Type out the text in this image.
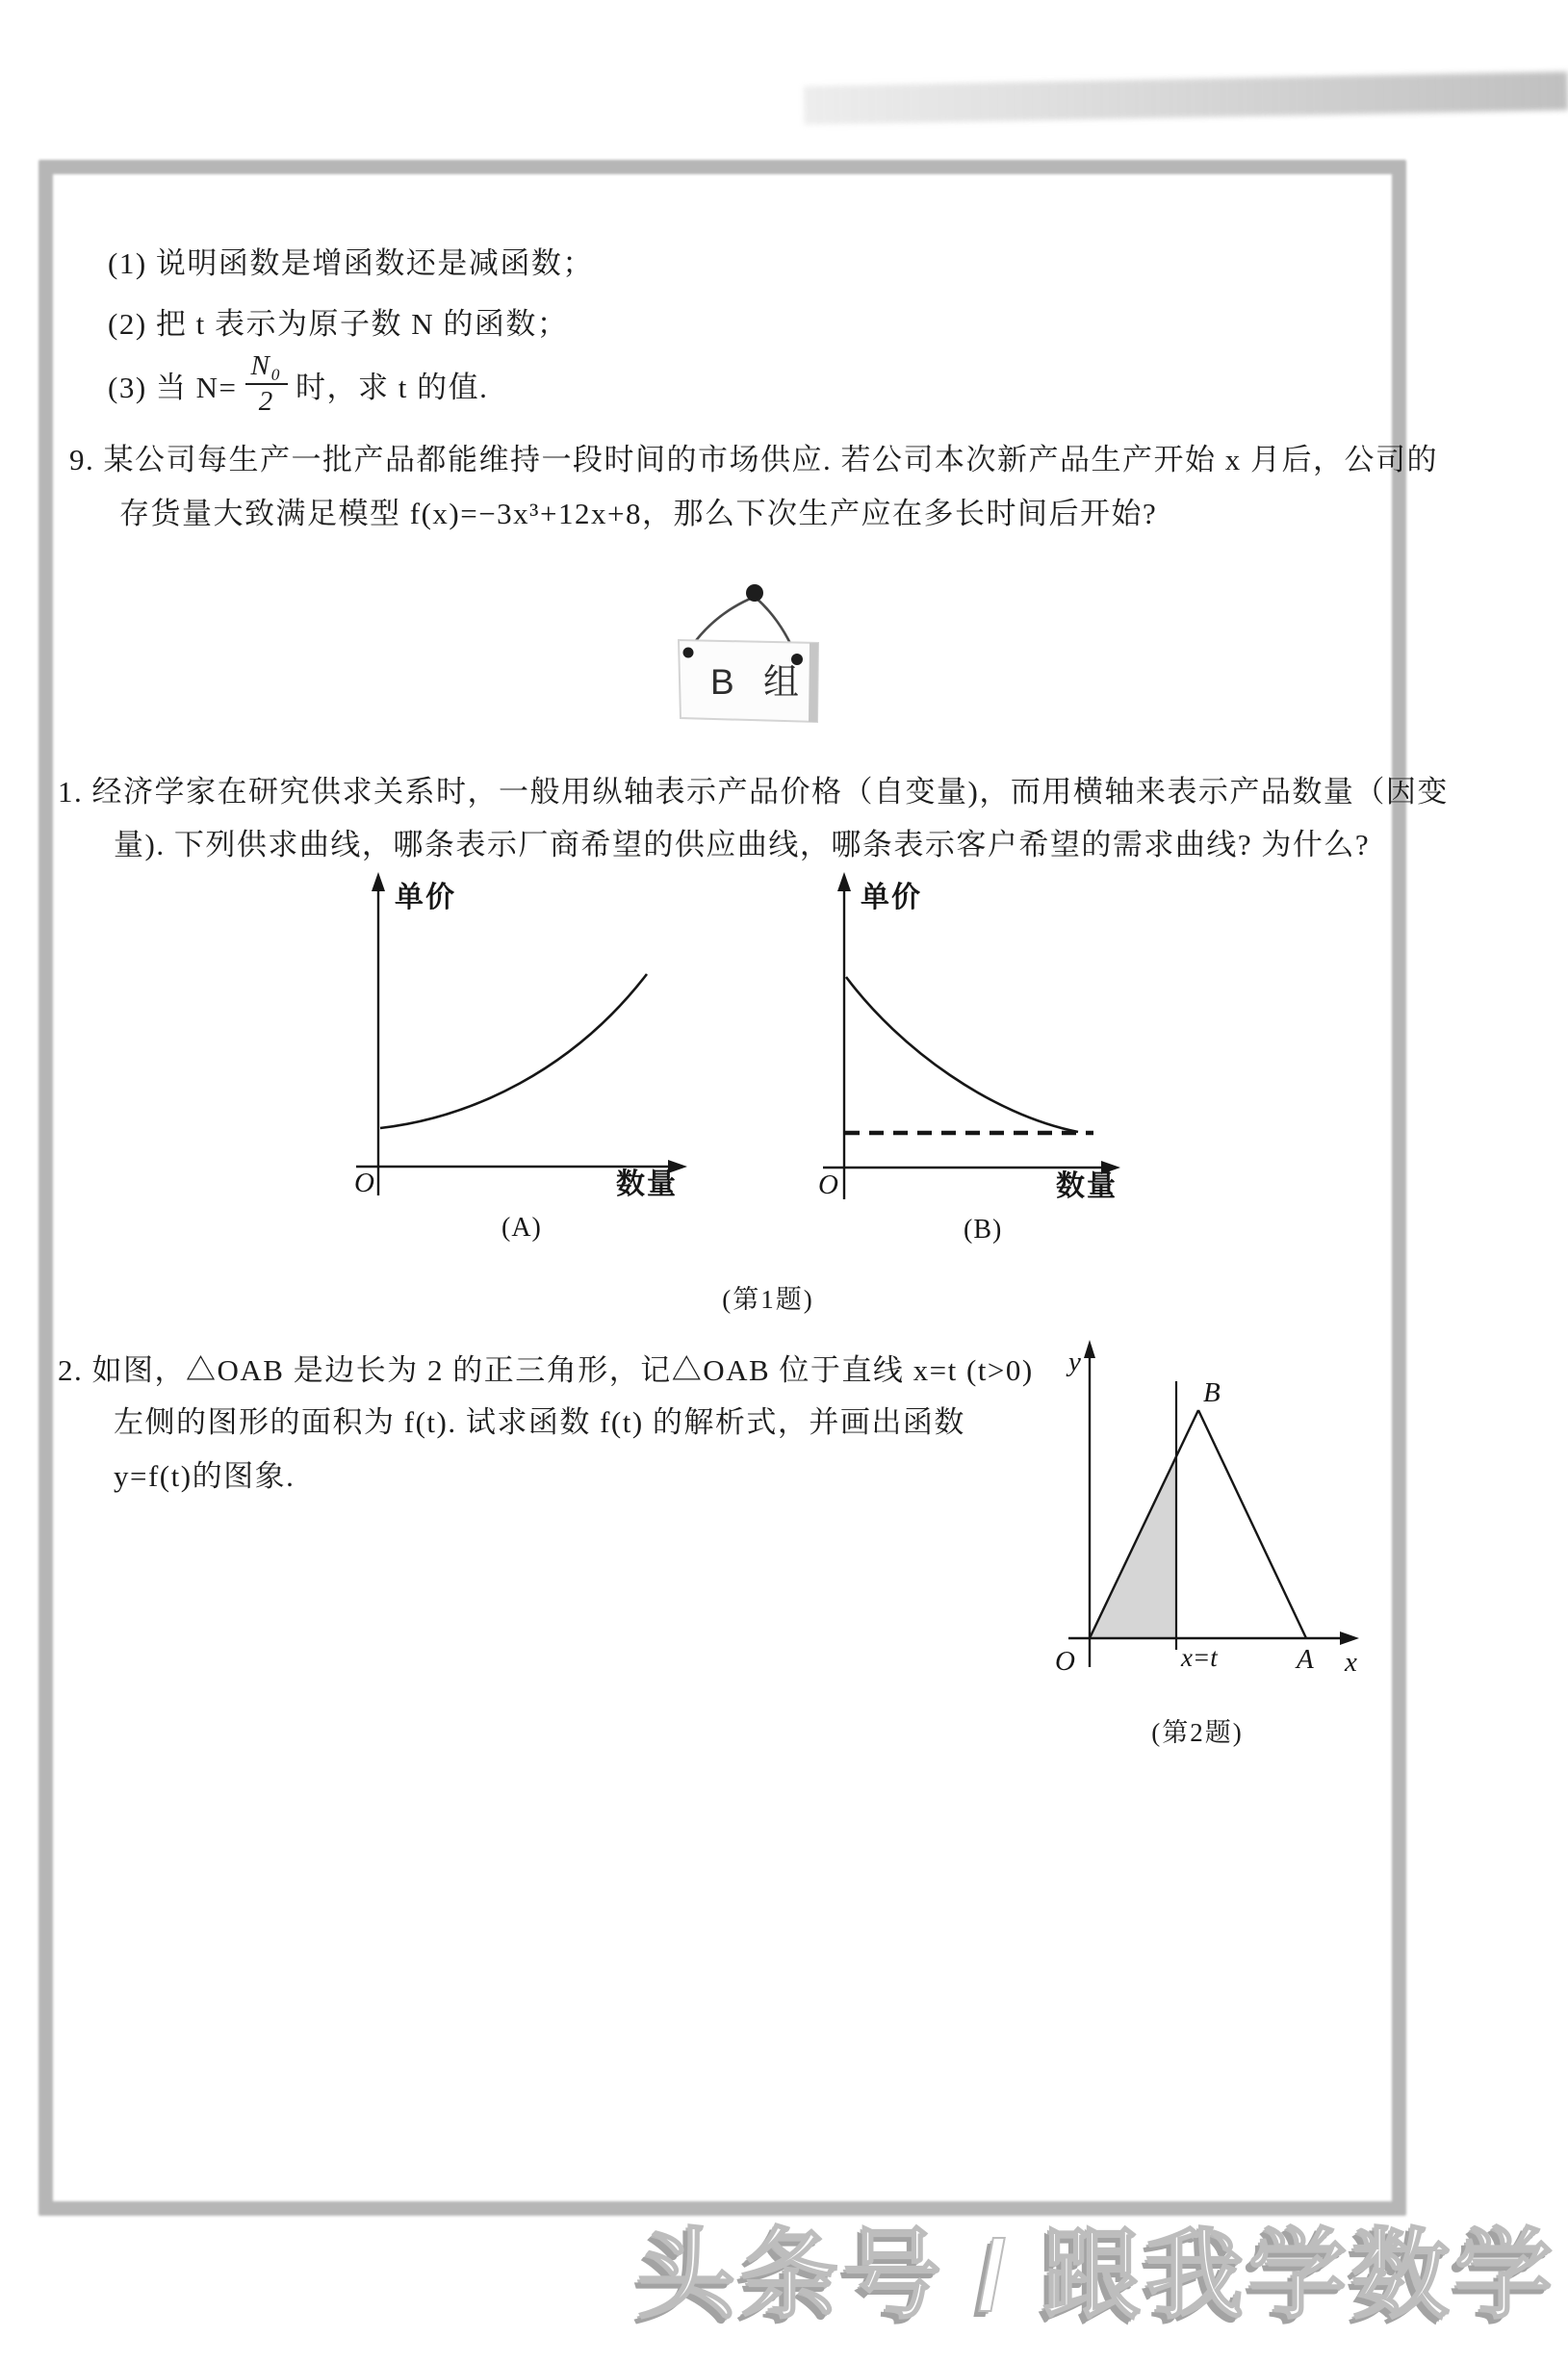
(1) 说明函数是增函数还是减函数；
(2) 把 t 表示为原子数 N 的函数；
(3) 当 $N= \frac{\text{N₀}}{2}$ 时，求 t 的值.
9. 某公司每生产一批产品都能维持一段时间的市场供应. 若公司本次新产品生产开始 x 月后，公司的
存货量大致满足模型 f(x)=−3x³+12x+8，那么下次生产应在多长时间后开始?
B 组
1. 经济学家在研究供求关系时，一般用纵轴表示产品价格（自变量)，而用横轴来表示产品数量（因变
量). 下列供求曲线，哪条表示厂商希望的供应曲线，哪条表示客户希望的需求曲线? 为什么?
单价
O	数量
(A)
单价
O	数量
(B)
(第1题)
2. 如图，△OAB 是边长为 2 的正三角形，记△OAB 位于直线 x=t (t>0)
左侧的图形的面积为 f(t). 试求函数 f(t) 的解析式，并画出函数
y=f(t)的图象.
y
B
O	x=t	A x
(第2题)
头条号 / 跟我学数学
